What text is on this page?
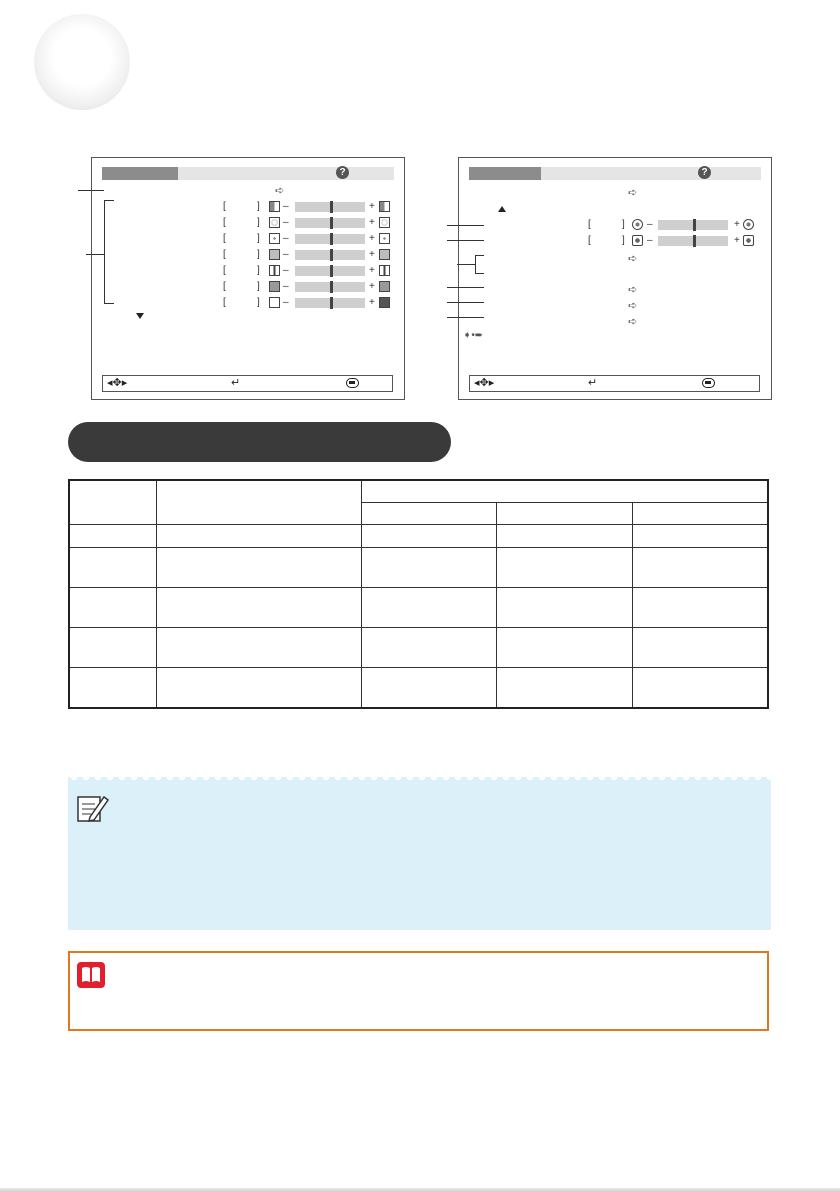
?
➪
[	] –	+
[	] –	+
[	] –	+
[	] –	+
[	] –	+
[	] –	+
[	] –	+
◂✥▸	↵
?
➪
[	] –	+
[	] –	+
➪
➪
➪
➪
➧•➨
◂✥▸	↵
